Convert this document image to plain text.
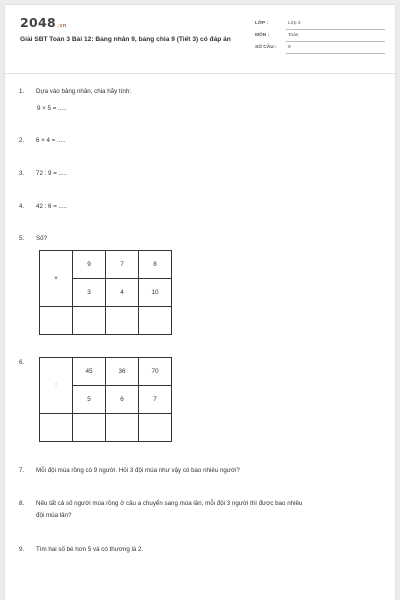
2048.vn
Giải SBT Toán 3 Bài 12: Bảng nhân 9, bảng chia 9 (Tiết 3) có đáp án
LỚP :	Lớp 3
MÔN :	Toán
SỐ CÂU : 9
1. Dựa vào bảng nhân, chia hãy tính:
9 × 5 = .....
2. 6 × 4 = .....
3. 72 : 9 = .....
4. 42 : 6 = .....
5. Số?
×	9	7	8
	3	4	10

6.
:	45	36	70
	5	6	7

7. Mỗi đội múa rồng có 9 người. Hỏi 3 đội múa như vậy có bao nhiêu người?
8. Nếu tất cả số người múa rồng ở câu a chuyển sang múa lân, mỗi đội 3 người thì được bao nhiêu
đội múa lân?
9. Tìm hai số bé hơn 5 và có thương là 2.
